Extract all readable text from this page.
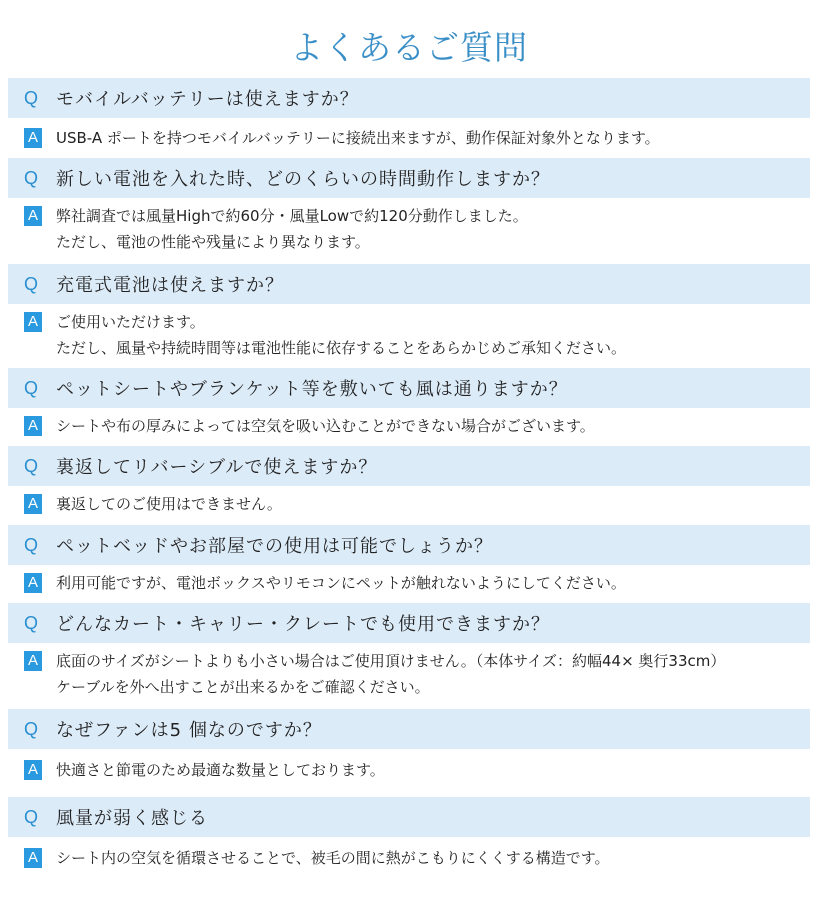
よくあるご質問
Q モバイルバッテリーは使えますか？
A USB-A ポートを持つモバイルバッテリーに接続出来ますが、動作保証対象外となります。
Q 新しい電池を入れた時、どのくらいの時間動作しますか？
A 弊社調査では風量Highで約60分・風量Lowで約120分動作しました。
ただし、電池の性能や残量により異なります。
Q 充電式電池は使えますか？
A ご使用いただけます。
ただし、風量や持続時間等は電池性能に依存することをあらかじめご承知ください。
Q ペットシートやブランケット等を敷いても風は通りますか？
A シートや布の厚みによっては空気を吸い込むことができない場合がございます。
Q 裏返してリバーシブルで使えますか？
A 裏返してのご使用はできません。
Q ペットベッドやお部屋での使用は可能でしょうか？
A 利用可能ですが、電池ボックスやリモコンにペットが触れないようにしてください。
Q どんなカート・キャリー・クレートでも使用できますか？
A 底面のサイズがシートよりも小さい場合はご使用頂けません。（本体サイズ：約幅44× 奥行33cm）
ケーブルを外へ出すことが出来るかをご確認ください。
Q なぜファンは5 個なのですか？
A 快適さと節電のため最適な数量としております。
Q 風量が弱く感じる
A シート内の空気を循環させることで、被毛の間に熱がこもりにくくする構造です。
